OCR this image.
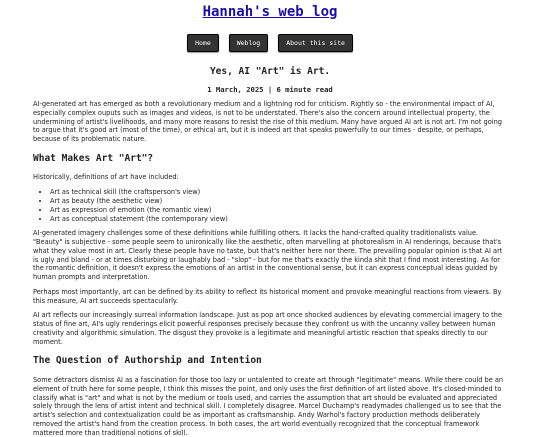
Hannah's web log
Home	Weblog	About this site
Yes, AI "Art" is Art.
1 March, 2025 | 6 minute read

AI-generated art has emerged as both a revolutionary medium and a lightning rod for criticism. Rightly so - the environmental impact of AI, especially complex ouputs such as images and videos, is not to be understated. There's also the concern around intellectual property, the undermining of artist's livelihoods, and many more reasons to resist the rise of this medium. Many have argued AI art is not art. I'm not going to argue that it's good art (most of the time), or ethical art, but it is indeed art that speaks powerfully to our times - despite, or perhaps, because of its problematic nature.

What Makes Art "Art"?

Historically, definitions of art have included:

• Art as technical skill (the craftsperson's view)
• Art as beauty (the aesthetic view)
• Art as expression of emotion (the romantic view)
• Art as conceptual statement (the contemporary view)

AI-generated imagery challenges some of these definitions while fulfilling others. It lacks the hand-crafted quality traditionalists value. "Beauty" is subjective - some people seem to unironically like the aesthetic, often marvelling at photorealism in AI renderings, because that's what they value most in art. Clearly these people have no taste, but that's neither here nor there. The prevailing popular opinion is that AI art is ugly and bland - or at times disturbing or laughably bad - "slop" - but for me that's exactly the kinda shit that I find most interesting. As for the romantic definition, it doesn't express the emotions of an artist in the conventional sense, but it can express conceptual ideas guided by human prompts and interpretation.

Perhaps most importantly, art can be defined by its ability to reflect its historical moment and provoke meaningful reactions from viewers. By this measure, AI art succeeds spectacularly.

AI art reflects our increasingly surreal information landscape. Just as pop art once shocked audiences by elevating commercial imagery to the status of fine art, AI's ugly renderings elicit powerful responses precisely because they confront us with the uncanny valley between human creativity and algorithmic simulation. The disgust they provoke is a legitimate and meaningful artistic reaction that speaks directly to our moment.

The Question of Authorship and Intention

Some detractors dismiss AI as a fascination for those too lazy or untalented to create art through "legitimate" means. While there could be an element of truth here for some people, I think this misses the point, and only uses the first definition of art listed above. It's closed-minded to classify what is "art" and what is not by the medium or tools used, and carries the assumption that art should be evaluated and appreciated solely through the lens of artist intent and technical skill. I completely disagree. Marcel Duchamp's readymades challenged us to see that the artist's selection and contextualization could be as important as craftsmanship. Andy Warhol's factory production methods deliberately removed the artist's hand from the creation process. In both cases, the art world eventually recognized that the conceptual framework mattered more than traditional notions of skill.
